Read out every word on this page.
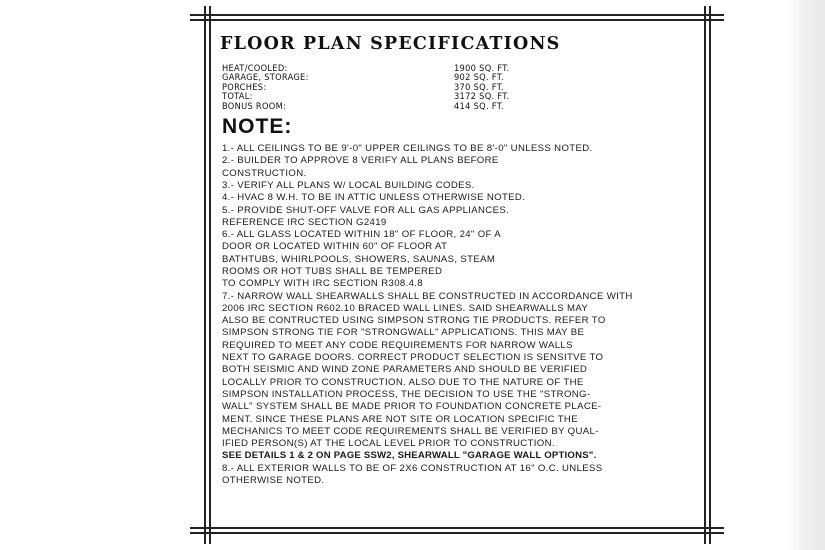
FLOOR PLAN SPECIFICATIONS
HEAT/COOLED:	1900 SQ. FT.
GARAGE, STORAGE:	902 SQ. FT.
PORCHES:	370 SQ. FT.
TOTAL:	3172 SQ. FT.
BONUS ROOM:	414 SQ. FT.
NOTE:
1.- ALL CEILINGS TO BE 9'-0" UPPER CEILINGS TO BE 8'-0" UNLESS NOTED.
2.- BUILDER TO APPROVE 8 VERIFY ALL PLANS BEFORE
CONSTRUCTION.
3.- VERIFY ALL PLANS W/ LOCAL BUILDING CODES.
4.- HVAC 8 W.H. TO BE IN ATTIC UNLESS OTHERWISE NOTED.
5.- PROVIDE SHUT-OFF VALVE FOR ALL GAS APPLIANCES.
REFERENCE IRC SECTION G2419
6.- ALL GLASS LOCATED WITHIN 18" OF FLOOR, 24" OF A
DOOR OR LOCATED WITHIN 60" OF FLOOR AT
BATHTUBS, WHIRLPOOLS, SHOWERS, SAUNAS, STEAM
ROOMS OR HOT TUBS SHALL BE TEMPERED
TO COMPLY WITH IRC SECTION R308.4.8
7.- NARROW WALL SHEARWALLS SHALL BE CONSTRUCTED IN ACCORDANCE WITH
2006 IRC SECTION R602.10 BRACED WALL LINES. SAID SHEARWALLS MAY
ALSO BE CONTRUCTED USING SIMPSON STRONG TIE PRODUCTS. REFER TO
SIMPSON STRONG TIE FOR "STRONGWALL" APPLICATIONS. THIS MAY BE
REQUIRED TO MEET ANY CODE REQUIREMENTS FOR NARROW WALLS
NEXT TO GARAGE DOORS. CORRECT PRODUCT SELECTION IS SENSITVE TO
BOTH SEISMIC AND WIND ZONE PARAMETERS AND SHOULD BE VERIFIED
LOCALLY PRIOR TO CONSTRUCTION. ALSO DUE TO THE NATURE OF THE
SIMPSON INSTALLATION PROCESS, THE DECISION TO USE THE "STRONG-
WALL" SYSTEM SHALL BE MADE PRIOR TO FOUNDATION CONCRETE PLACE-
MENT. SINCE THESE PLANS ARE NOT SITE OR LOCATION SPECIFIC THE
MECHANICS TO MEET CODE REQUIREMENTS SHALL BE VERIFIED BY QUAL-
IFIED PERSON(S) AT THE LOCAL LEVEL PRIOR TO CONSTRUCTION.
SEE DETAILS 1 & 2 ON PAGE SSW2, SHEARWALL "GARAGE WALL OPTIONS".
8.- ALL EXTERIOR WALLS TO BE OF 2X6 CONSTRUCTION AT 16" O.C. UNLESS
OTHERWISE NOTED.
